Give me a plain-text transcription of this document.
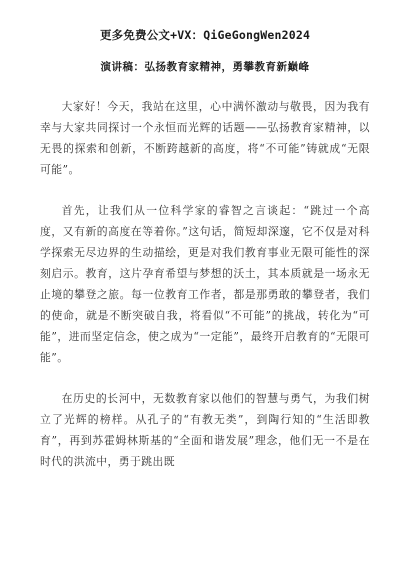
更多免费公文+VX：QiGeGongWen2024

演讲稿：弘扬教育家精神，勇攀教育新巅峰

大家好！今天，我站在这里，心中满怀激动与敬畏，因为我有幸与大家共同探讨一个永恒而光辉的话题——弘扬教育家精神，以无畏的探索和创新，不断跨越新的高度，将“不可能”铸就成“无限可能”。

首先，让我们从一位科学家的睿智之言谈起：“跳过一个高度，又有新的高度在等着你。”这句话，简短却深邃，它不仅是对科学探索无尽边界的生动描绘，更是对我们教育事业无限可能性的深刻启示。教育，这片孕育希望与梦想的沃土，其本质就是一场永无止境的攀登之旅。每一位教育工作者，都是那勇敢的攀登者，我们的使命，就是不断突破自我，将看似“不可能”的挑战，转化为“可能”，进而坚定信念，使之成为“一定能”，最终开启教育的“无限可能”。

在历史的长河中，无数教育家以他们的智慧与勇气，为我们树立了光辉的榜样。从孔子的“有教无类”，到陶行知的“生活即教育”，再到苏霍姆林斯基的“全面和谐发展”理念，他们无一不是在时代的洪流中，勇于跳出既
